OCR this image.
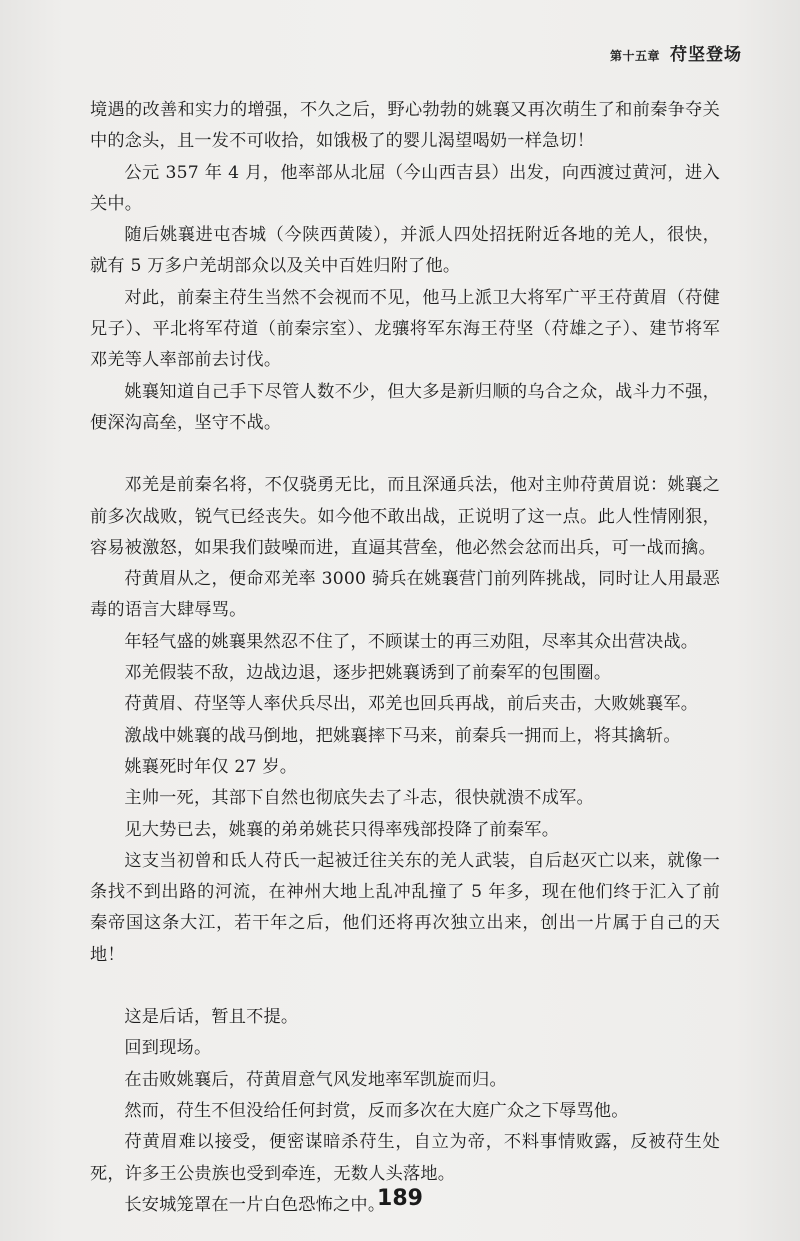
第十五章 苻坚登场

境遇的改善和实力的增强，不久之后，野心勃勃的姚襄又再次萌生了和前秦争夺关中的念头，且一发不可收拾，如饿极了的婴儿渴望喝奶一样急切！

公元 357 年 4 月，他率部从北屈（今山西吉县）出发，向西渡过黄河，进入关中。

随后姚襄进屯杏城（今陕西黄陵），并派人四处招抚附近各地的羌人，很快，就有 5 万多户羌胡部众以及关中百姓归附了他。

对此，前秦主苻生当然不会视而不见，他马上派卫大将军广平王苻黄眉（苻健兄子）、平北将军苻道（前秦宗室）、龙骧将军东海王苻坚（苻雄之子）、建节将军邓羌等人率部前去讨伐。

姚襄知道自己手下尽管人数不少，但大多是新归顺的乌合之众，战斗力不强，便深沟高垒，坚守不战。

邓羌是前秦名将，不仅骁勇无比，而且深通兵法，他对主帅苻黄眉说：姚襄之前多次战败，锐气已经丧失。如今他不敢出战，正说明了这一点。此人性情刚狠，容易被激怒，如果我们鼓噪而进，直逼其营垒，他必然会忿而出兵，可一战而擒。

苻黄眉从之，便命邓羌率 3000 骑兵在姚襄营门前列阵挑战，同时让人用最恶毒的语言大肆辱骂。

年轻气盛的姚襄果然忍不住了，不顾谋士的再三劝阻，尽率其众出营决战。

邓羌假装不敌，边战边退，逐步把姚襄诱到了前秦军的包围圈。

苻黄眉、苻坚等人率伏兵尽出，邓羌也回兵再战，前后夹击，大败姚襄军。

激战中姚襄的战马倒地，把姚襄摔下马来，前秦兵一拥而上，将其擒斩。

姚襄死时年仅 27 岁。

主帅一死，其部下自然也彻底失去了斗志，很快就溃不成军。

见大势已去，姚襄的弟弟姚苌只得率残部投降了前秦军。

这支当初曾和氐人苻氏一起被迁往关东的羌人武装，自后赵灭亡以来，就像一条找不到出路的河流，在神州大地上乱冲乱撞了 5 年多，现在他们终于汇入了前秦帝国这条大江，若干年之后，他们还将再次独立出来，创出一片属于自己的天地！

这是后话，暂且不提。

回到现场。

在击败姚襄后，苻黄眉意气风发地率军凯旋而归。

然而，苻生不但没给任何封赏，反而多次在大庭广众之下辱骂他。

苻黄眉难以接受，便密谋暗杀苻生，自立为帝，不料事情败露，反被苻生处死，许多王公贵族也受到牵连，无数人头落地。

长安城笼罩在一片白色恐怖之中。

189
